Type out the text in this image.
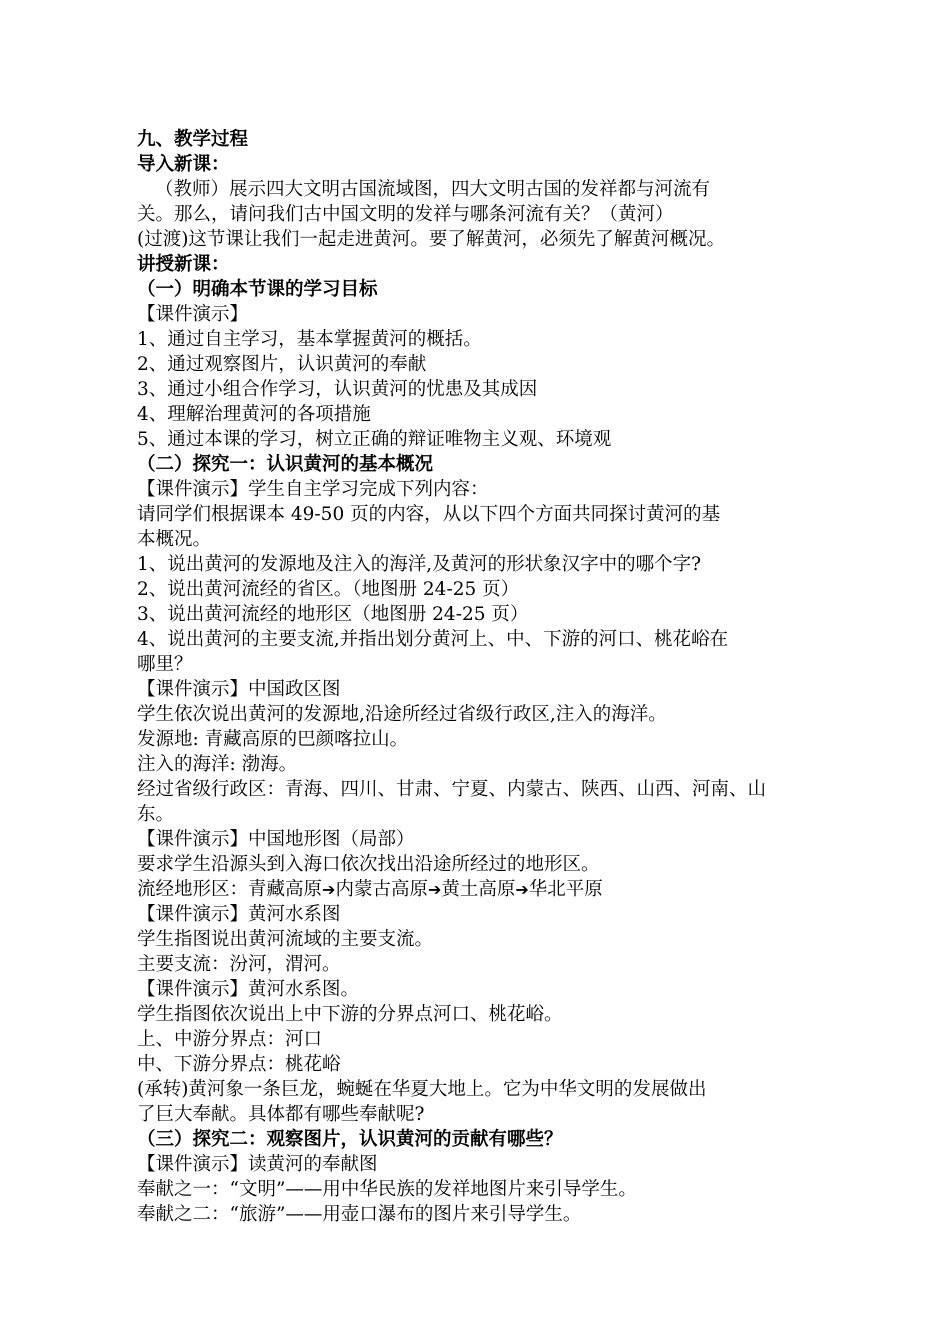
九、教学过程
导入新课：
（教师）展示四大文明古国流域图，四大文明古国的发祥都与河流有
关。那么，请问我们古中国文明的发祥与哪条河流有关？（黄河）
(过渡)这节课让我们一起走进黄河。要了解黄河，必须先了解黄河概况。
讲授新课：
（一）明确本节课的学习目标
【课件演示】
1、通过自主学习，基本掌握黄河的概括。
2、通过观察图片，认识黄河的奉献
3、通过小组合作学习，认识黄河的忧患及其成因
4、理解治理黄河的各项措施
5、通过本课的学习，树立正确的辩证唯物主义观、环境观
（二）探究一：认识黄河的基本概况
【课件演示】学生自主学习完成下列内容：
请同学们根据课本 49-50 页的内容，从以下四个方面共同探讨黄河的基
本概况。
1、说出黄河的发源地及注入的海洋,及黄河的形状象汉字中的哪个字?
2、说出黄河流经的省区。（地图册 24-25 页）
3、说出黄河流经的地形区（地图册 24-25 页）
4、说出黄河的主要支流,并指出划分黄河上、中、下游的河口、桃花峪在
哪里？
【课件演示】中国政区图
学生依次说出黄河的发源地,沿途所经过省级行政区,注入的海洋。
发源地: 青藏高原的巴颜喀拉山。
注入的海洋: 渤海。
经过省级行政区：青海、四川、甘肃、宁夏、内蒙古、陕西、山西、河南、山
东。
【课件演示】中国地形图（局部）
要求学生沿源头到入海口依次找出沿途所经过的地形区。
流经地形区：青藏高原➔内蒙古高原➔黄土高原➔华北平原
【课件演示】黄河水系图
学生指图说出黄河流域的主要支流。
主要支流：汾河，渭河。
【课件演示】黄河水系图。
学生指图依次说出上中下游的分界点河口、桃花峪。
上、中游分界点：河口
中、下游分界点：桃花峪
(承转)黄河象一条巨龙，蜿蜒在华夏大地上。它为中华文明的发展做出
了巨大奉献。具体都有哪些奉献呢?
（三）探究二：观察图片，认识黄河的贡献有哪些？
【课件演示】读黄河的奉献图
奉献之一：“文明”——用中华民族的发祥地图片来引导学生。
奉献之二：“旅游”——用壶口瀑布的图片来引导学生。
